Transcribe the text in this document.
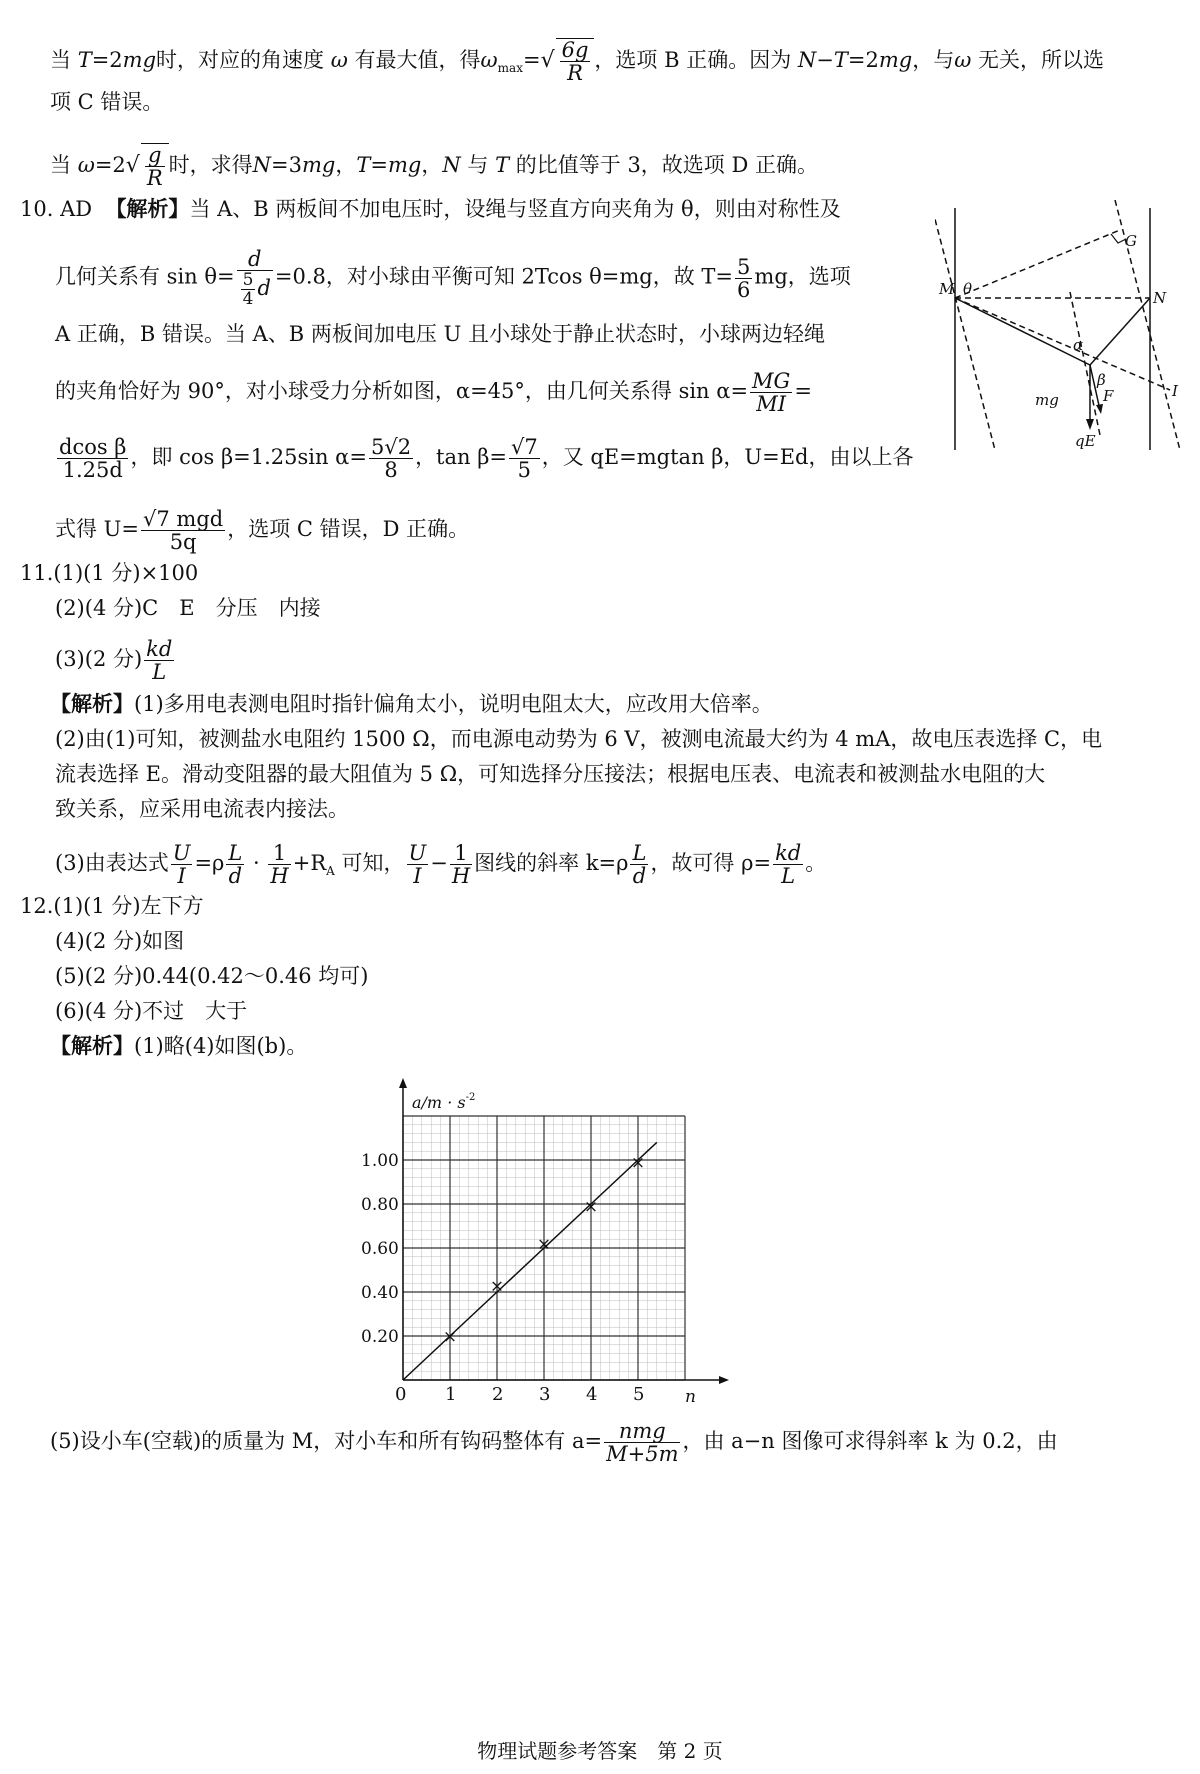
当 T=2mg时，对应的角速度 ω 有最大值，得$\omega_{max}=√ \frac{6g}{R}$ ，选项 B 正确。因为 N−T=2mg，与ω 无关，所以选
项 C 错误。
当 $\omega=2√ \frac{g}{R}$ 时，求得N=3mg，T=mg，N 与 T 的比值等于 3，故选项 D 正确。
10. AD 【解析】当 A、B 两板间不加电压时，设绳与竖直方向夹角为 θ，则由对称性及
几何关系有 $\sin \theta= \frac{d}{\frac{5}{4} d} =0.8$，对小球由平衡可知 2Tcos θ=mg，故 $T= \frac{5}{6}$ mg，选项
A 正确，B 错误。当 A、B 两板间加电压 U 且小球处于静止状态时，小球两边轻绳
的夹角恰好为 90°，对小球受力分析如图，α=45°，由几何关系得 $\sin \alpha= \frac{MG}{MI}$ =
$\frac{\text{dcos β}}{1.25d}$ ，即 cos β=1.25sin $\alpha= \frac{5√2}{8}$ ，$\tan \beta= \frac{√7}{5}$ ，又 qE=mgtan β，U=Ed，由以上各
式得 $U= \frac{\text{√7 mgd}}{5q}$ ，选项 C 错误，D 正确。
M θ	N
G
I
α
β
mg	F
qE
11.(1)(1 分)×100
(2)(4 分)C　E　分压　内接
(3)(2 分) $\frac{kd}{L}$
【解析】(1)多用电表测电阻时指针偏角太小，说明电阻太大，应改用大倍率。
(2)由(1)可知，被测盐水电阻约 1500 Ω，而电源电动势为 6 V，被测电流最大约为 4 mA，故电压表选择 C，电
流表选择 E。滑动变阻器的最大阻值为 5 Ω，可知选择分压接法；根据电压表、电流表和被测盐水电阻的大
致关系，应采用电流表内接法。
(3)由表达式 $\frac{U}{I} =\rho \frac{L}{d} \cdot \frac{1}{H} +R_A$ 可知， $\frac{U}{I} - \frac{1}{H}$ 图线的斜率 $k=\rho \frac{L}{d}$ ，故可得 $\rho= \frac{kd}{L}$ 。
12.(1)(1 分)左下方
(4)(2 分)如图
(5)(2 分)0.44(0.42～0.46 均可)
(6)(4 分)不过　大于
【解析】(1)略(4)如图(b)。
1 2 3 4 5
0.20
0.40
0.60
0.80
1.00
×
×
×
×
×
$a/m \cdot s^{-2}$
n
0
(5)设小车(空载)的质量为 M，对小车和所有钩码整体有 $a= \frac{\text{nmg}}{M+5m}$ ，由 a−n 图像可求得斜率 k 为 0.2，由
物理试题参考答案　第 2 页
